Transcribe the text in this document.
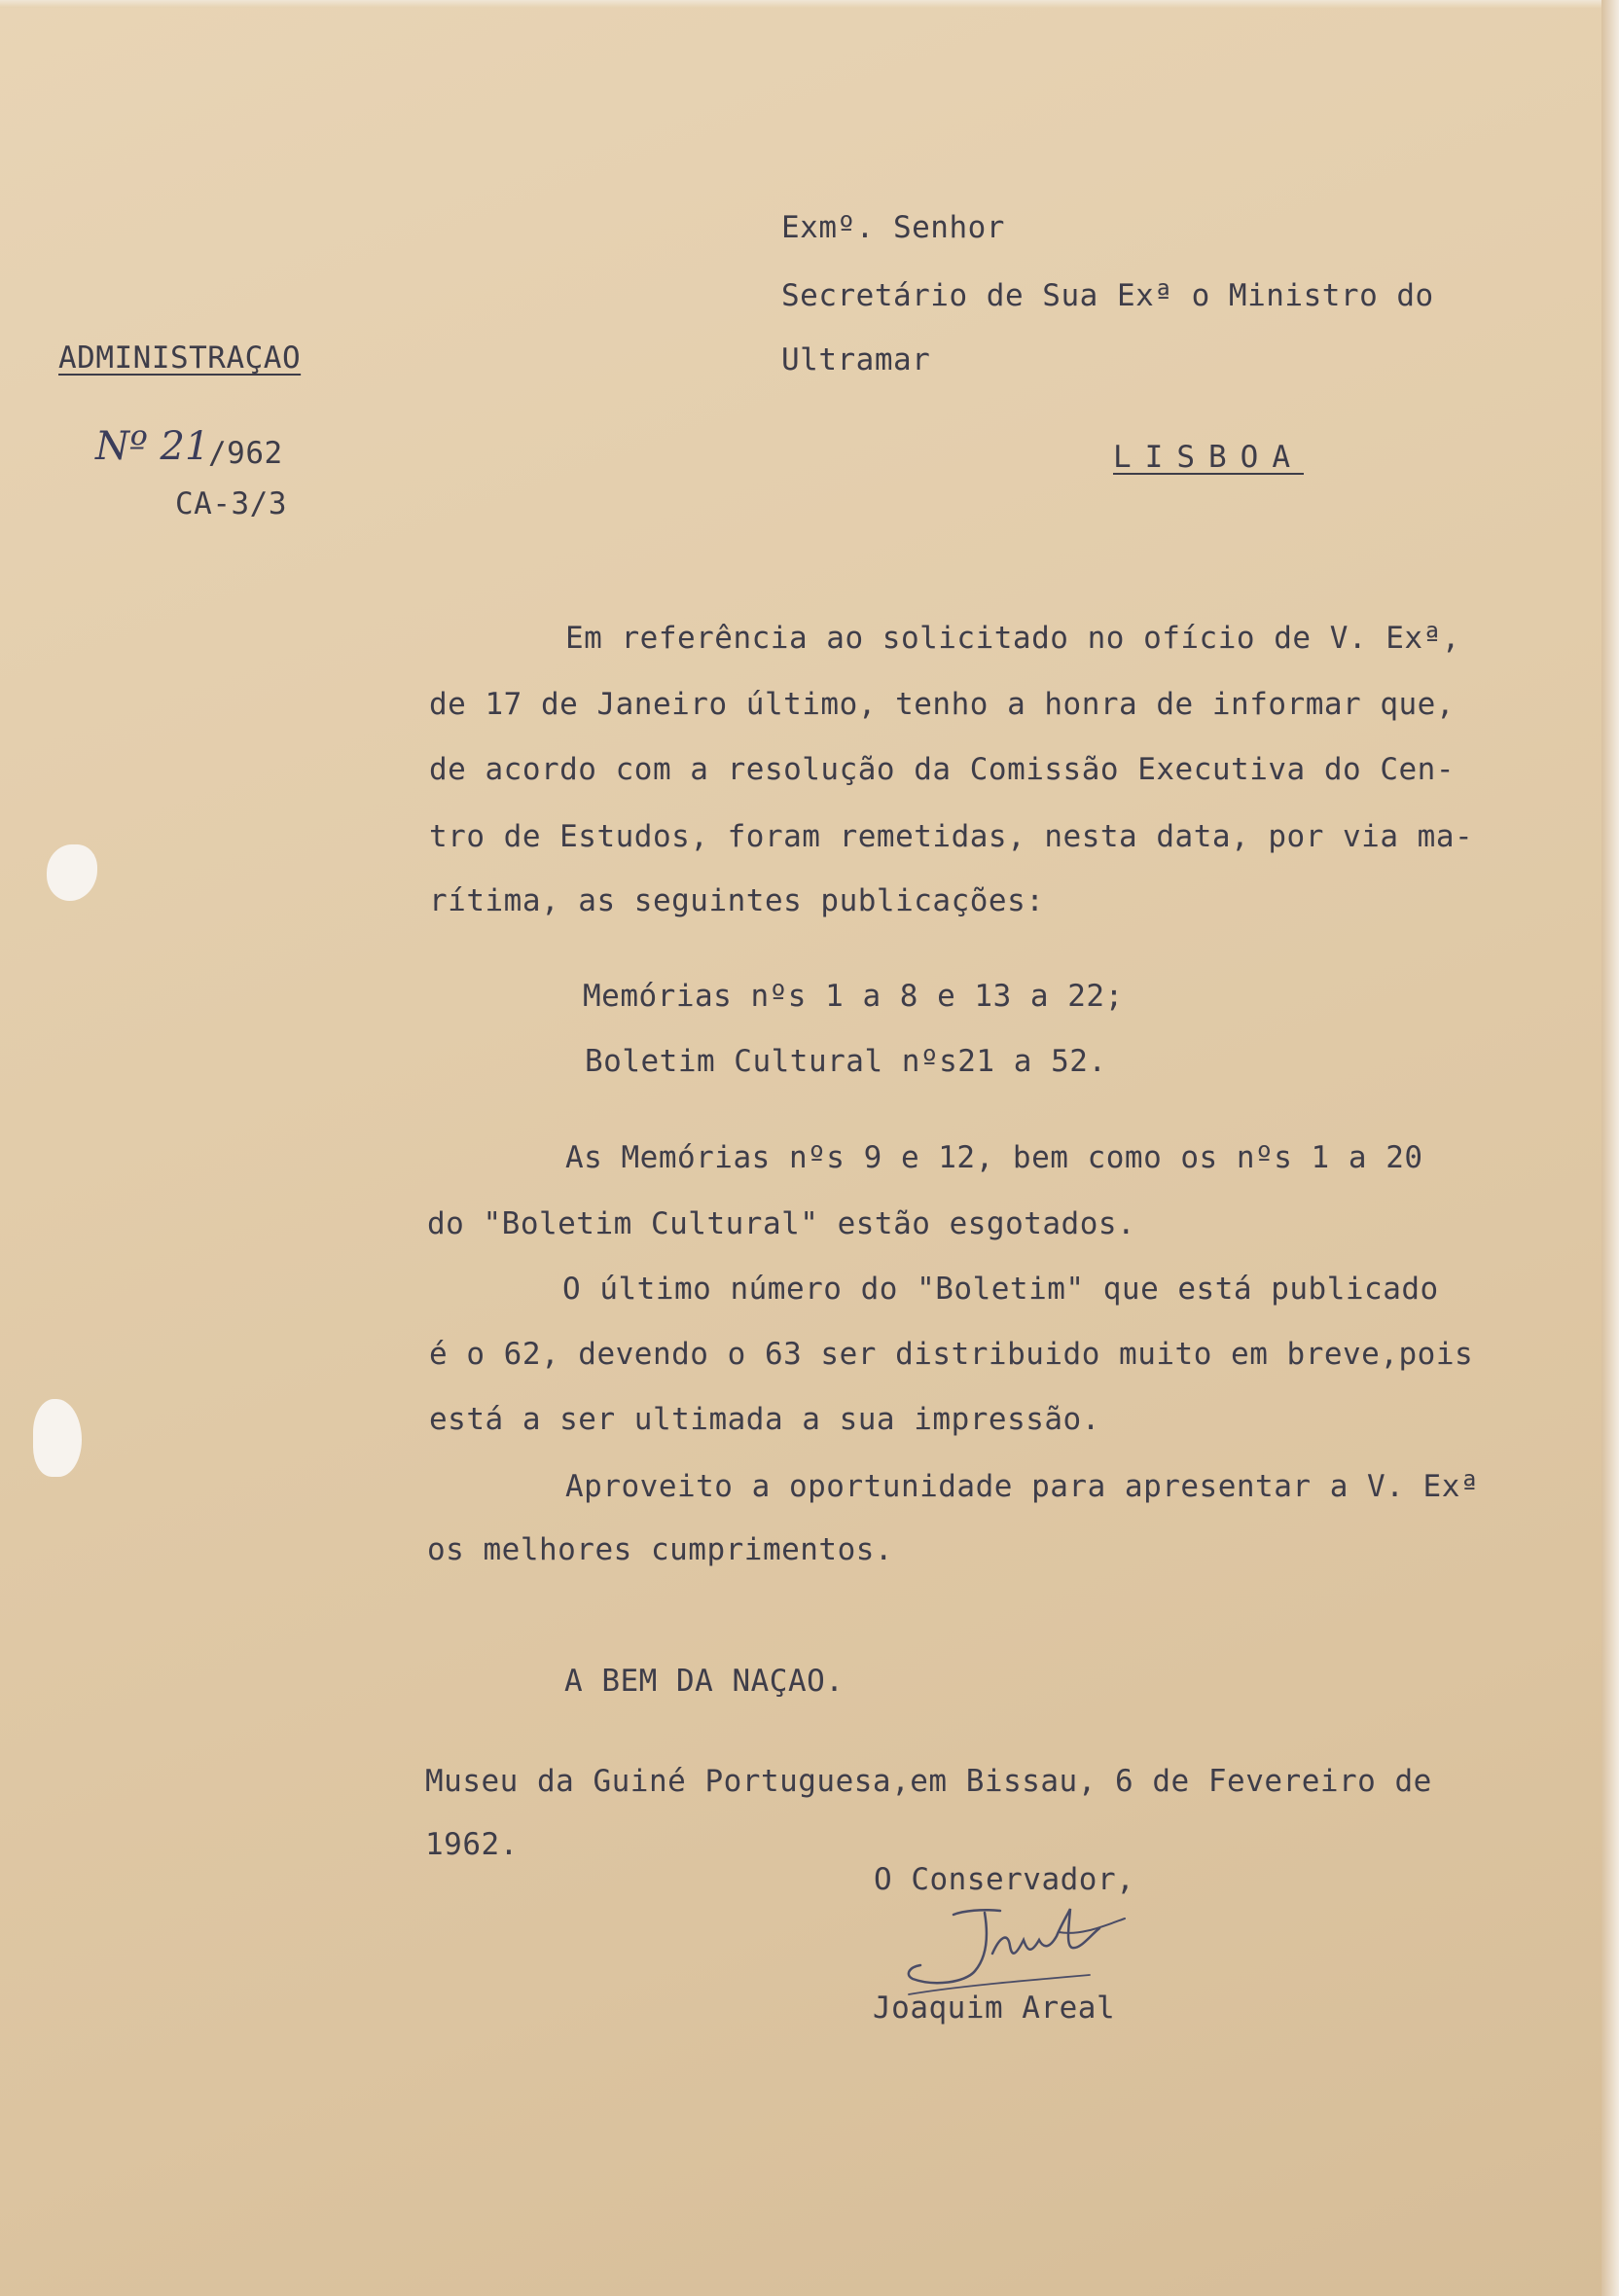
ADMINISTRAÇAO
Nº 21
/962
CA-3/3
Exmº. Senhor
Secretário de Sua Exª o Ministro do
Ultramar
LISBOA
Em referência ao solicitado no ofício de V. Exª,
de 17 de Janeiro último, tenho a honra de informar que,
de acordo com a resolução da Comissão Executiva do Cen-
tro de Estudos, foram remetidas, nesta data, por via ma-
rítima, as seguintes publicações:
Memórias nºs 1 a 8 e 13 a 22;
Boletim Cultural nºs21 a 52.
As Memórias nºs 9 e 12, bem como os nºs 1 a 20
do "Boletim Cultural" estão esgotados.
O último número do "Boletim" que está publicado
é o 62, devendo o 63 ser distribuido muito em breve,pois
está a ser ultimada a sua impressão.
Aproveito a oportunidade para apresentar a V. Exª
os melhores cumprimentos.
A BEM DA NAÇAO.
Museu da Guiné Portuguesa,em Bissau, 6 de Fevereiro de
1962.
O Conservador,
Joaquim Areal
